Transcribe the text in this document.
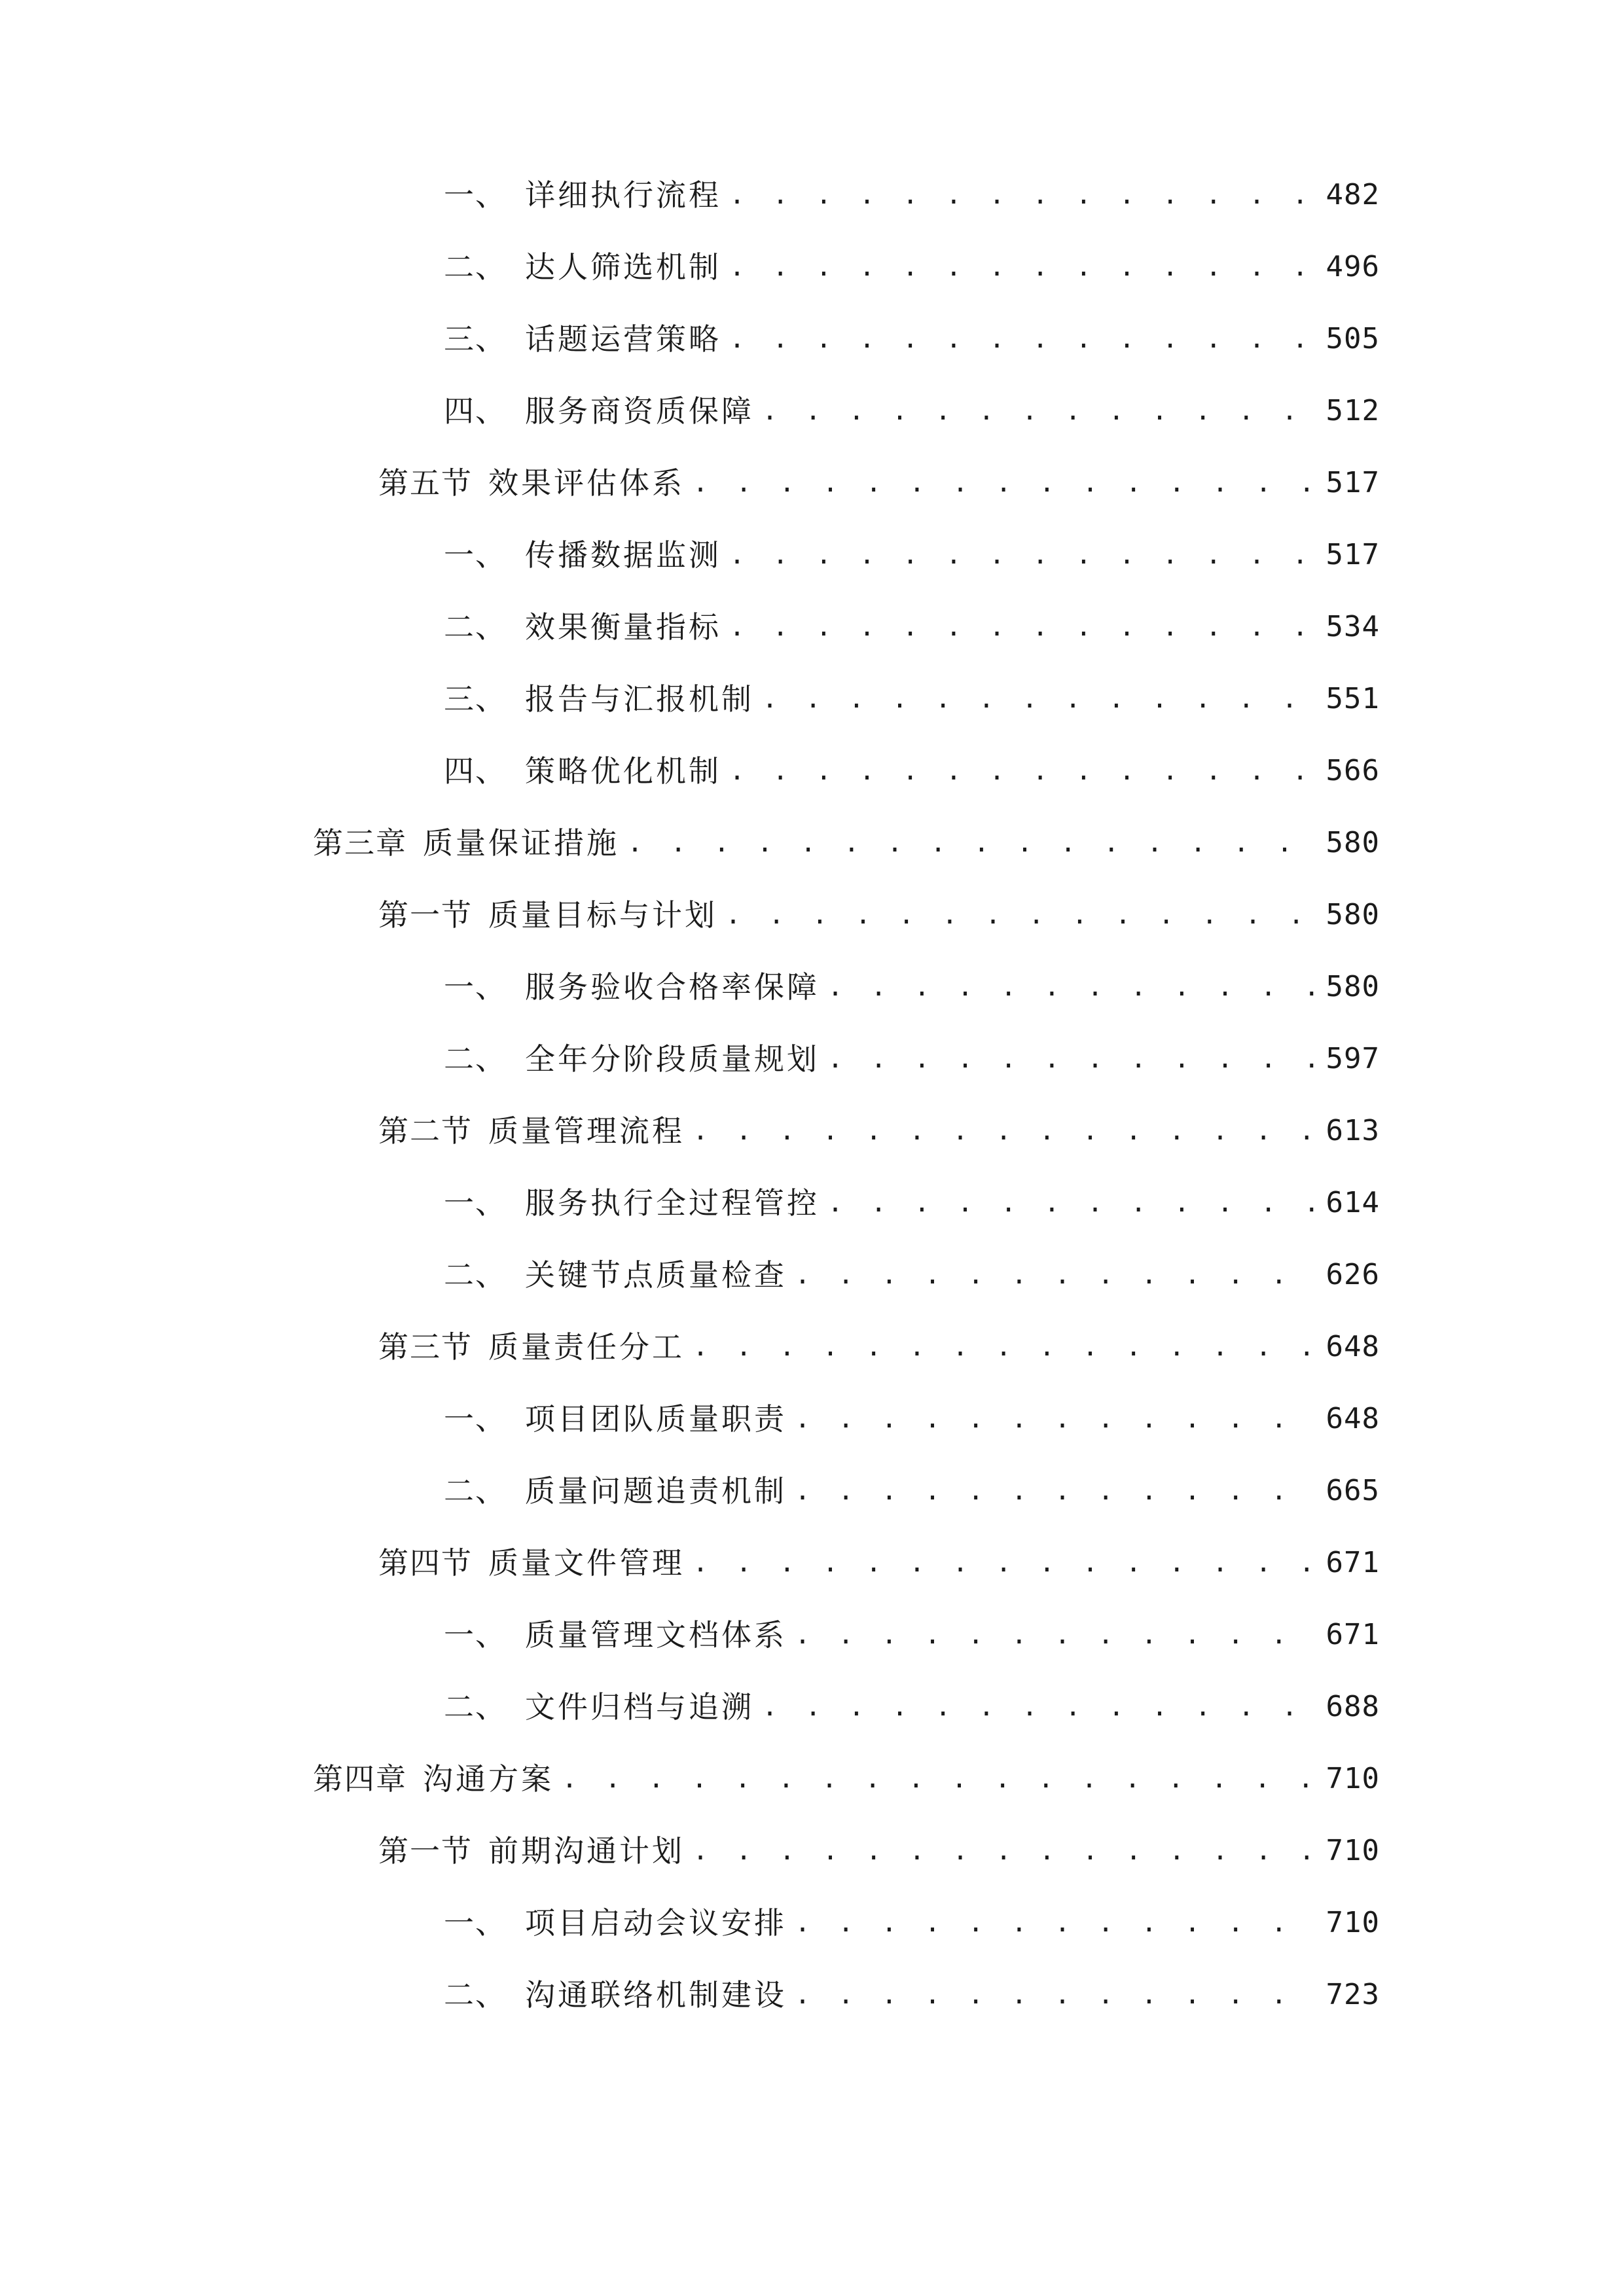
一、 详细执行流程 . . .	482
二、 达人筛选机制 . . .	496
三、 话题运营策略 . . .	505
四、 服务商资质保障 . . .	512
第五节 效果评估体系 . . .	517
一、 传播数据监测 . . .	517
二、 效果衡量指标 . . .	534
三、 报告与汇报机制 . . .	551
四、 策略优化机制 . . .	566
第三章 质量保证措施 . . .	580
第一节 质量目标与计划 . . .	580
一、 服务验收合格率保障 . . .	580
二、 全年分阶段质量规划 . . .	597
第二节 质量管理流程 . . .	613
一、 服务执行全过程管控 . . .	614
二、 关键节点质量检查 . . .	626
第三节 质量责任分工 . . .	648
一、 项目团队质量职责 . . .	648
二、 质量问题追责机制 . . .	665
第四节 质量文件管理 . . .	671
一、 质量管理文档体系 . . .	671
二、 文件归档与追溯 . . .	688
第四章 沟通方案 . . .	710
第一节 前期沟通计划 . . .	710
一、 项目启动会议安排 . . .	710
二、 沟通联络机制建设 . . .	723
